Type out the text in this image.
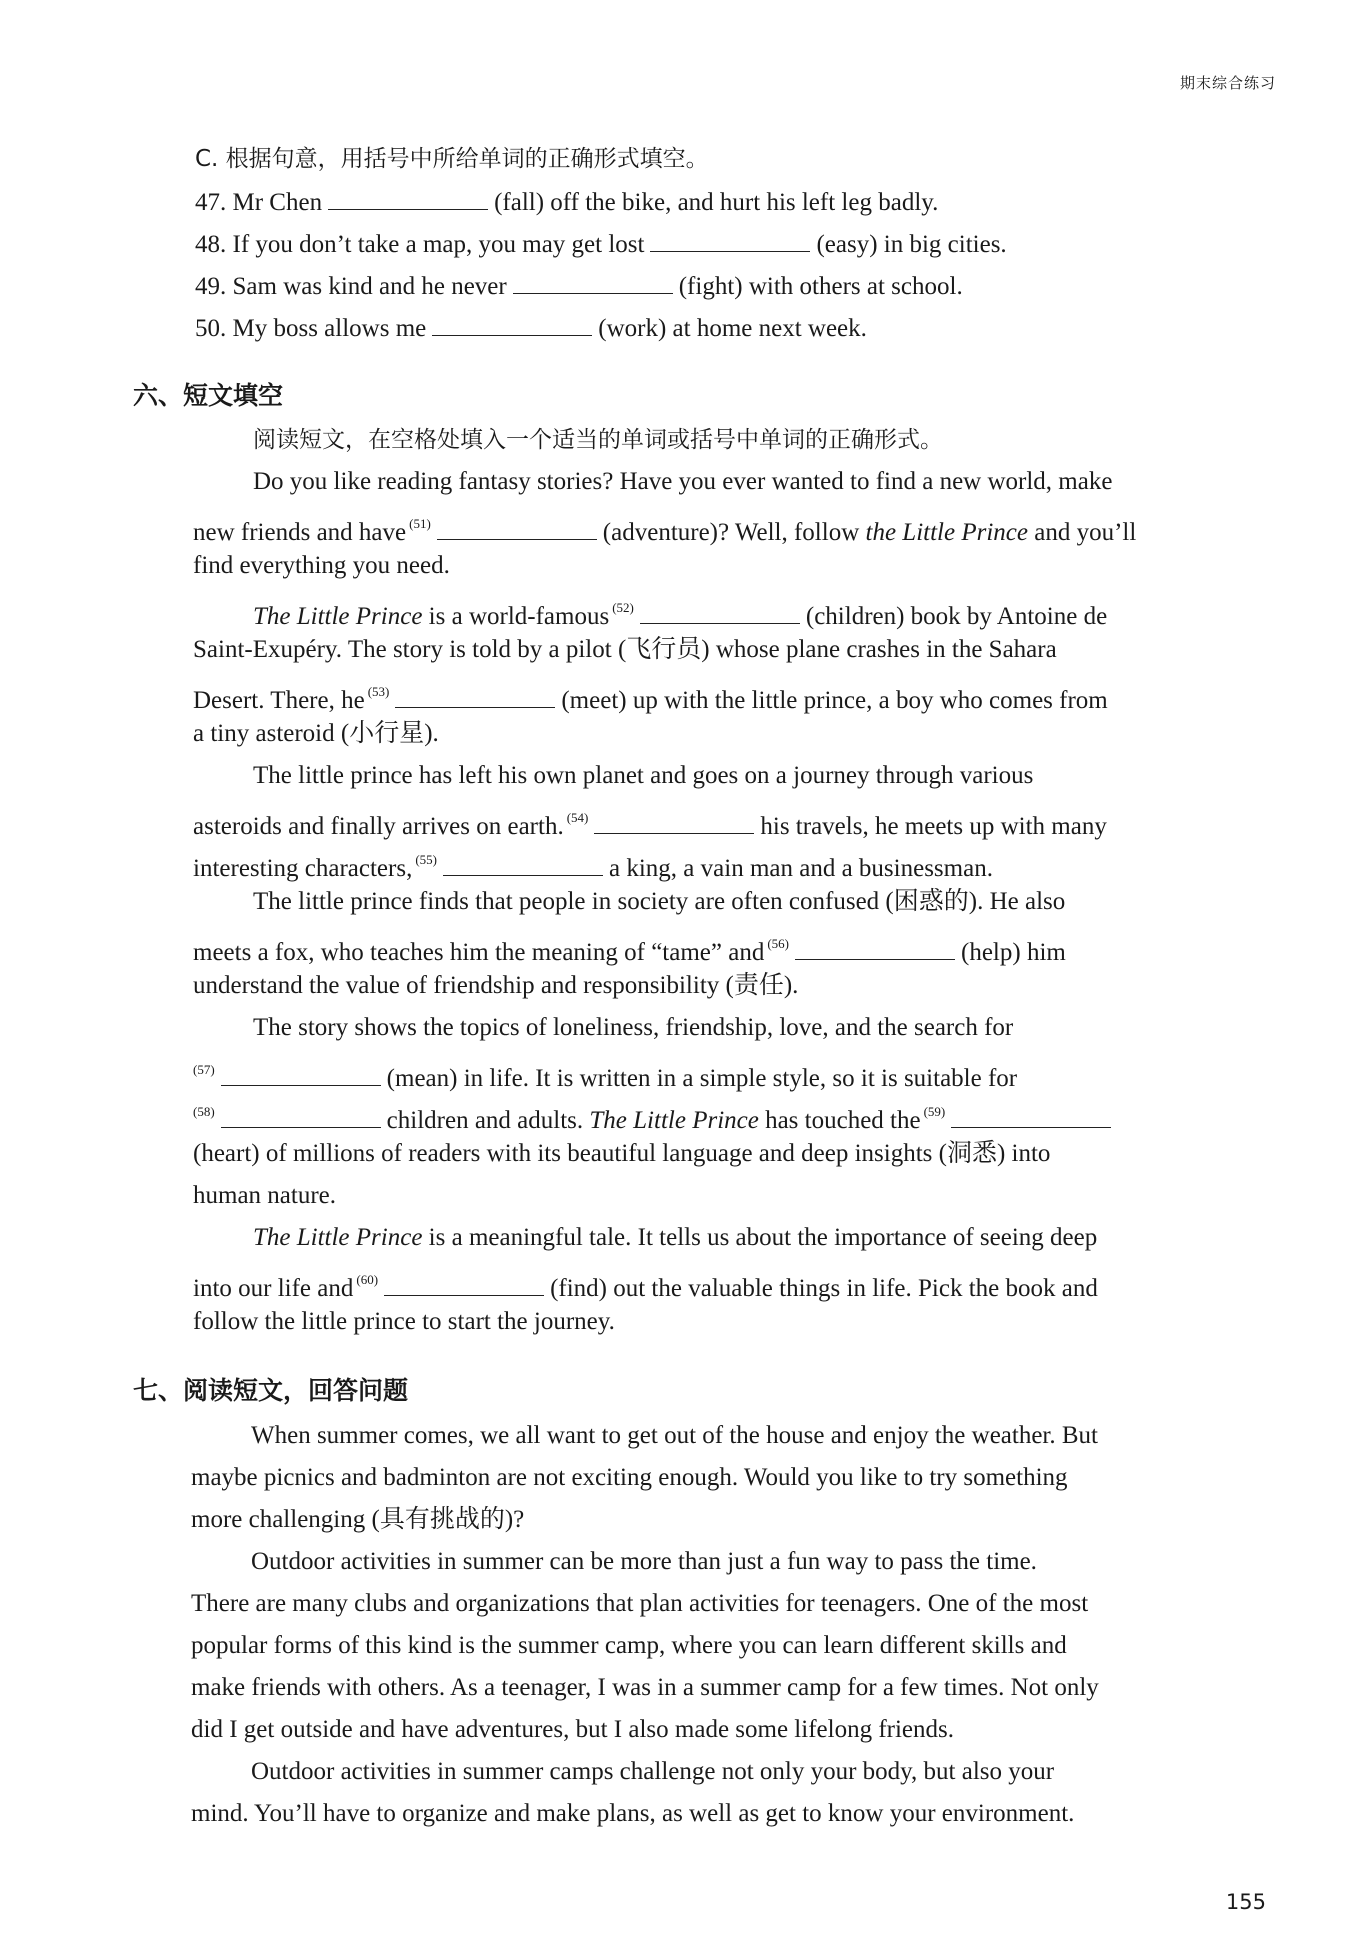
期末综合练习
C. 根据句意，用括号中所给单词的正确形式填空。
47. Mr Chen	(fall) off the bike, and hurt his left leg badly.
48. If you don’t take a map, you may get lost	(easy) in big cities.
49. Sam was kind and he never	(fight) with others at school.
50. My boss allows me	(work) at home next week.
六、短文填空
阅读短文，在空格处填入一个适当的单词或括号中单词的正确形式。
Do you like reading fantasy stories? Have you ever wanted to find a new world, make
new friends and have $^{(51)}$	(adventure)? Well, follow the Little Prince and you’ll
find everything you need.
The Little Prince is a world-famous $^{(52)}$	(children) book by Antoine de
Saint-Exupéry. The story is told by a pilot (飞行员) whose plane crashes in the Sahara
Desert. There, he $^{(53)}$	(meet) up with the little prince, a boy who comes from
a tiny asteroid (小行星).
The little prince has left his own planet and goes on a journey through various
asteroids and finally arrives on earth. $^{(54)}$	his travels, he meets up with many
interesting characters, $^{(55)}$	a king, a vain man and a businessman.
The little prince finds that people in society are often confused (困惑的). He also
meets a fox, who teaches him the meaning of “tame” and $^{(56)}$	(help) him
understand the value of friendship and responsibility (责任).
The story shows the topics of loneliness, friendship, love, and the search for
$^{(57)}$	(mean) in life. It is written in a simple style, so it is suitable for
$^{(58)}$	children and adults. The Little Prince has touched the $^{(59)}$
(heart) of millions of readers with its beautiful language and deep insights (洞悉) into
human nature.
The Little Prince is a meaningful tale. It tells us about the importance of seeing deep
into our life and $^{(60)}$	(find) out the valuable things in life. Pick the book and
follow the little prince to start the journey.
七、阅读短文，回答问题
When summer comes, we all want to get out of the house and enjoy the weather. But
maybe picnics and badminton are not exciting enough. Would you like to try something
more challenging (具有挑战的)?
Outdoor activities in summer can be more than just a fun way to pass the time.
There are many clubs and organizations that plan activities for teenagers. One of the most
popular forms of this kind is the summer camp, where you can learn different skills and
make friends with others. As a teenager, I was in a summer camp for a few times. Not only
did I get outside and have adventures, but I also made some lifelong friends.
Outdoor activities in summer camps challenge not only your body, but also your
mind. You’ll have to organize and make plans, as well as get to know your environment.
155
